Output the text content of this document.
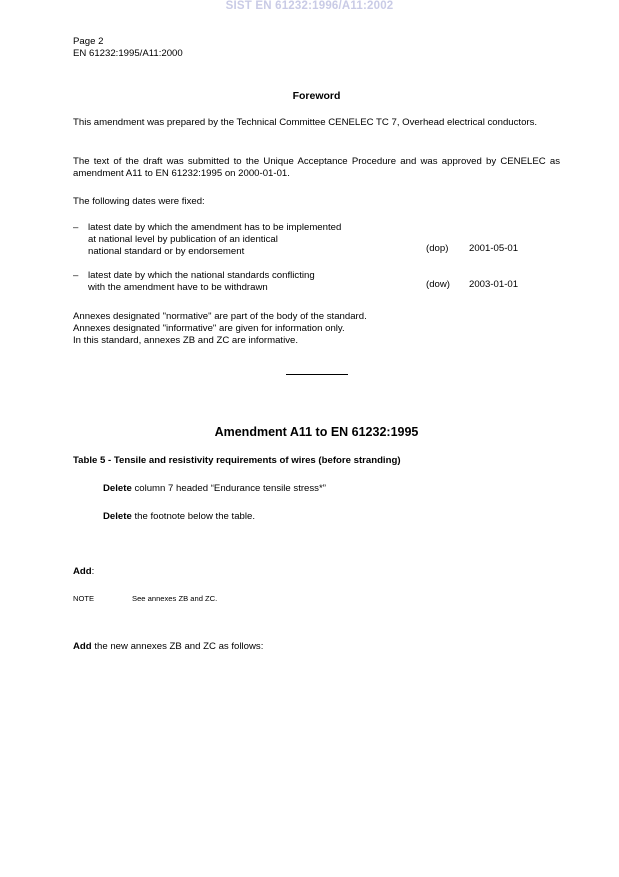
SIST EN 61232:1996/A11:2002
Page 2
EN 61232:1995/A11:2000
Foreword
This amendment was prepared by the Technical Committee CENELEC TC 7, Overhead electrical conductors.
The text of the draft was submitted to the Unique Acceptance Procedure and was approved by CENELEC as amendment A11 to EN 61232:1995 on 2000-01-01.
The following dates were fixed:
– latest date by which the amendment has to be implemented
at national level by publication of an identical
national standard or by endorsement	(dop)	2001-05-01
– latest date by which the national standards conflicting
with the amendment have to be withdrawn	(dow)	2003-01-01
Annexes designated "normative" are part of the body of the standard.
Annexes designated "informative" are given for information only.
In this standard, annexes ZB and ZC are informative.
Amendment A11 to EN 61232:1995
Table 5 - Tensile and resistivity requirements of wires (before stranding)
Delete column 7 headed “Endurance tensile stress*”
Delete the footnote below the table.
Add:
NOTE	See annexes ZB and ZC.
Add the new annexes ZB and ZC as follows:
